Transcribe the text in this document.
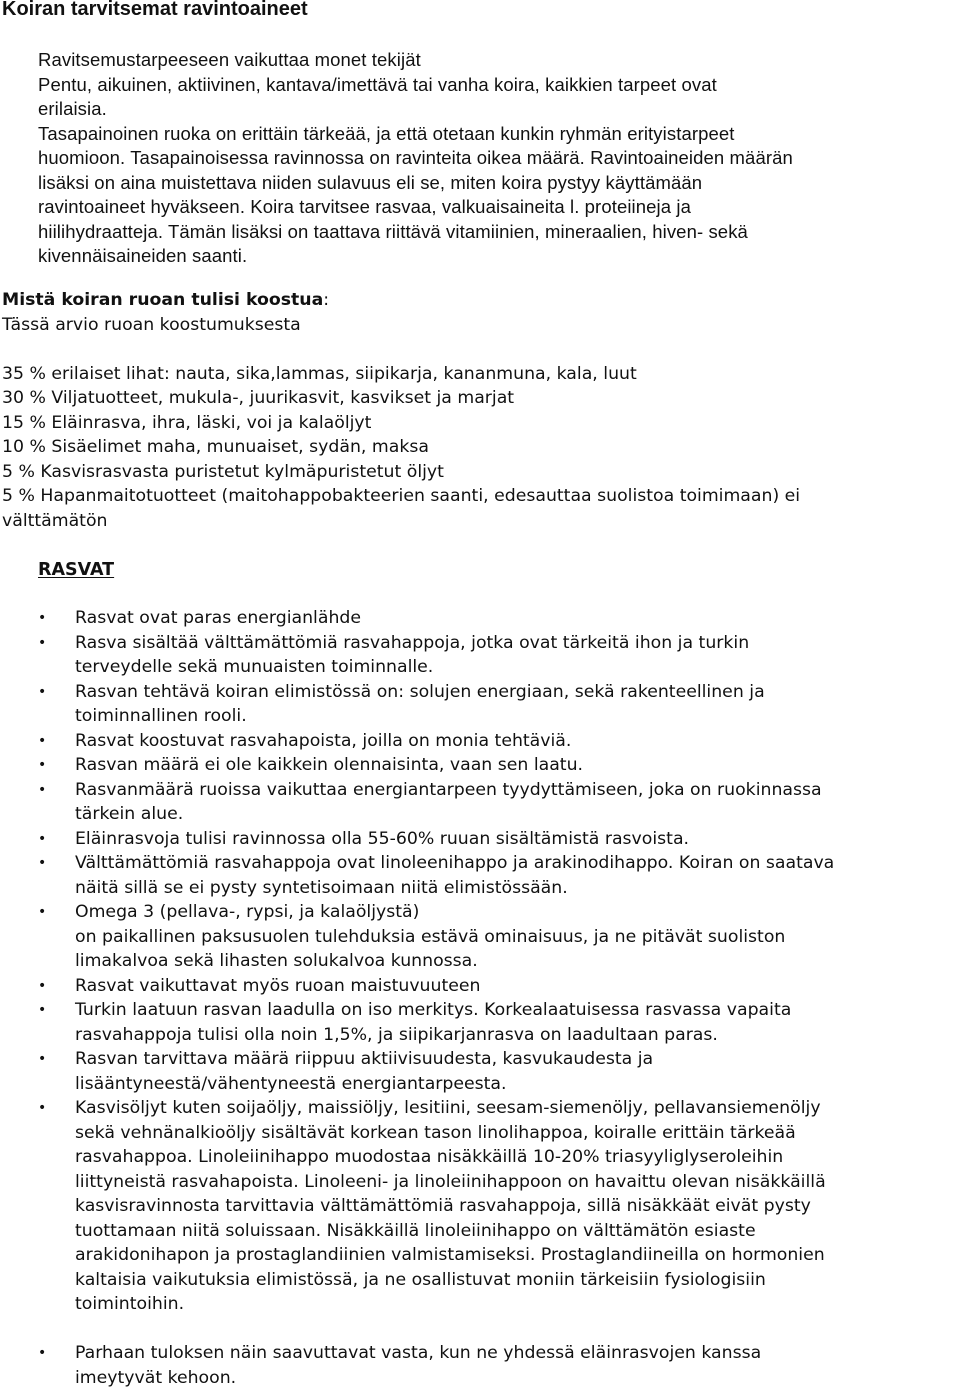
Koiran tarvitsemat ravintoaineet

Ravitsemustarpeeseen vaikuttaa monet tekijät

Pentu, aikuinen, aktiivinen, kantava/imettävä tai vanha koira, kaikkien tarpeet ovat

erilaisia.

Tasapainoinen ruoka on erittäin tärkeää, ja että otetaan kunkin ryhmän erityistarpeet

huomioon. Tasapainoisessa ravinnossa on ravinteita oikea määrä. Ravintoaineiden määrän

lisäksi on aina muistettava niiden sulavuus eli se, miten koira pystyy käyttämään

ravintoaineet hyväkseen. Koira tarvitsee rasvaa, valkuaisaineita l. proteiineja ja

hiilihydraatteja. Tämän lisäksi on taattava riittävä vitamiinien, mineraalien, hiven- sekä

kivennäisaineiden saanti.

Mistä koiran ruoan tulisi koostua:

Tässä arvio ruoan koostumuksesta

35 % erilaiset lihat: nauta, sika,lammas, siipikarja, kananmuna, kala, luut

30 % Viljatuotteet, mukula-, juurikasvit, kasvikset ja marjat

15 % Eläinrasva, ihra, läski, voi ja kalaöljyt

10 % Sisäelimet maha, munuaiset, sydän, maksa

5 % Kasvisrasvasta puristetut kylmäpuristetut öljyt

5 % Hapanmaitotuotteet (maitohappobakteerien saanti, edesauttaa suolistoa toimimaan) ei

välttämätön

RASVAT
• Rasvat ovat paras energianlähde
• Rasva sisältää välttämättömiä rasvahappoja, jotka ovat tärkeitä ihon ja turkin
terveydelle sekä munuaisten toiminnalle.
• Rasvan tehtävä koiran elimistössä on: solujen energiaan, sekä rakenteellinen ja
toiminnallinen rooli.
• Rasvat koostuvat rasvahapoista, joilla on monia tehtäviä.
• Rasvan määrä ei ole kaikkein olennaisinta, vaan sen laatu.
• Rasvanmäärä ruoissa vaikuttaa energiantarpeen tyydyttämiseen, joka on ruokinnassa
tärkein alue.
• Eläinrasvoja tulisi ravinnossa olla 55-60% ruuan sisältämistä rasvoista.
• Välttämättömiä rasvahappoja ovat linoleenihappo ja arakinodihappo. Koiran on saatava
näitä sillä se ei pysty syntetisoimaan niitä elimistössään.
• Omega 3 (pellava-, rypsi, ja kalaöljystä)
on paikallinen paksusuolen tulehduksia estävä ominaisuus, ja ne pitävät suoliston
limakalvoa sekä lihasten solukalvoa kunnossa.
• Rasvat vaikuttavat myös ruoan maistuvuuteen
• Turkin laatuun rasvan laadulla on iso merkitys. Korkealaatuisessa rasvassa vapaita
rasvahappoja tulisi olla noin 1,5%, ja siipikarjanrasva on laadultaan paras.
• Rasvan tarvittava määrä riippuu aktiivisuudesta, kasvukaudesta ja
lisääntyneestä/vähentyneestä energiantarpeesta.
• Kasvisöljyt kuten soijaöljy, maissiöljy, lesitiini, seesam-siemenöljy, pellavansiemenöljy
sekä vehnänalkioöljy sisältävät korkean tason linolihappoa, koiralle erittäin tärkeää
rasvahappoa. Linoleiinihappo muodostaa nisäkkäillä 10-20% triasyyliglyseroleihin
liittyneistä rasvahapoista. Linoleeni- ja linoleiinihappoon on havaittu olevan nisäkkäillä
kasvisravinnosta tarvittavia välttämättömiä rasvahappoja, sillä nisäkkäät eivät pysty
tuottamaan niitä soluissaan. Nisäkkäillä linoleiinihappo on välttämätön esiaste
arakidonihapon ja prostaglandiinien valmistamiseksi. Prostaglandiineilla on hormonien
kaltaisia vaikutuksia elimistössä, ja ne osallistuvat moniin tärkeisiin fysiologisiin
toimintoihin.
• Parhaan tuloksen näin saavuttavat vasta, kun ne yhdessä eläinrasvojen kanssa
imeytyvät kehoon.
